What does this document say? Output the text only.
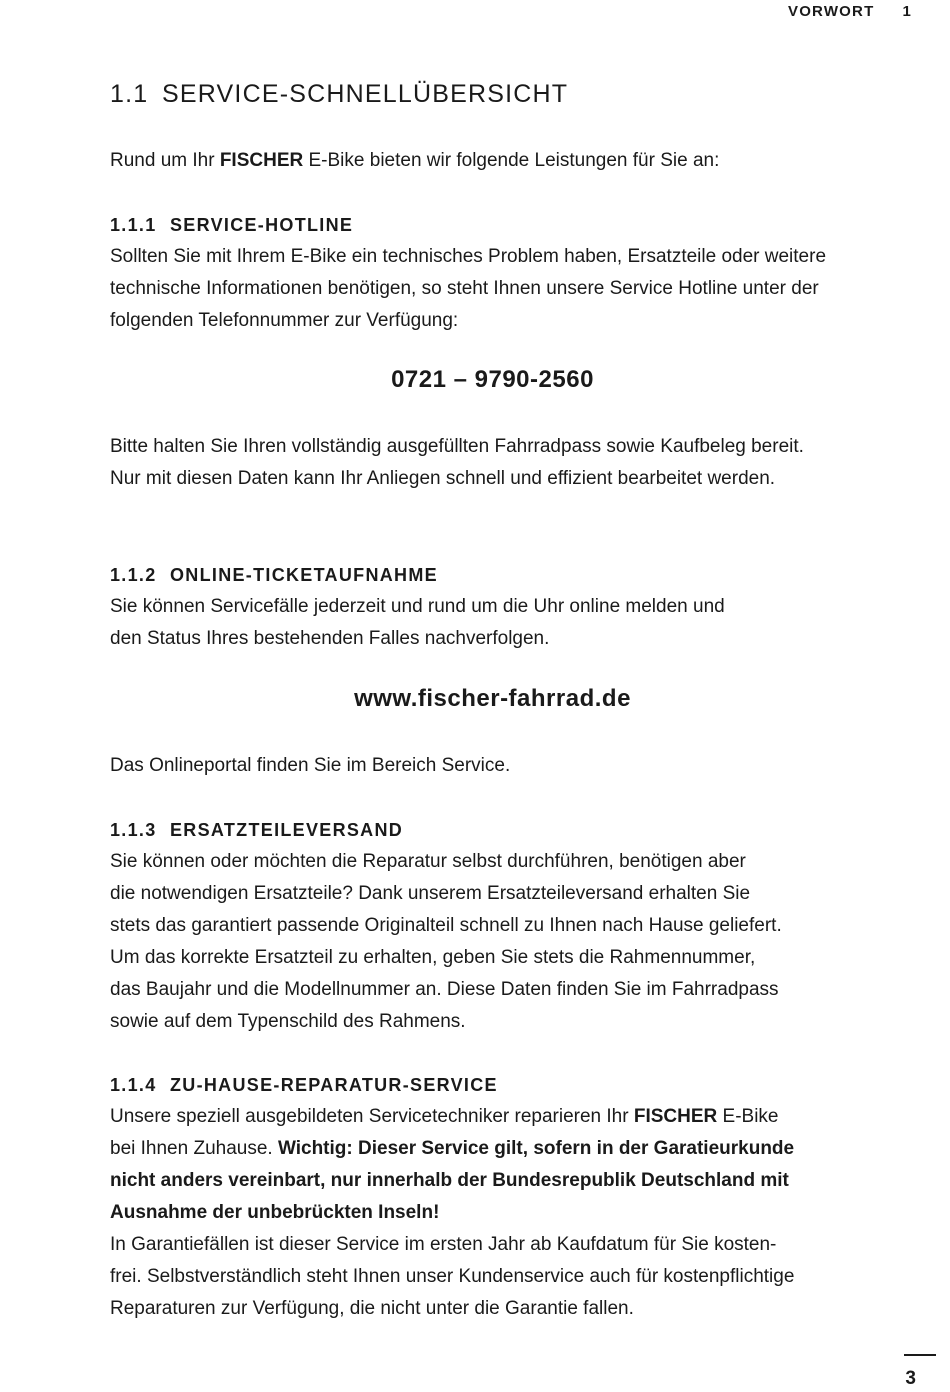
VORWORT 1
1.1 SERVICE-SCHNELLÜBERSICHT

Rund um Ihr FISCHER E-Bike bieten wir folgende Leistungen für Sie an:

1.1.1 SERVICE-HOTLINE

Sollten Sie mit Ihrem E-Bike ein technisches Problem haben, Ersatzteile oder weitere

technische Informationen benötigen, so steht Ihnen unsere Service Hotline unter der

folgenden Telefonnummer zur Verfügung:

0721 – 9790-2560

Bitte halten Sie Ihren vollständig ausgefüllten Fahrradpass sowie Kaufbeleg bereit.

Nur mit diesen Daten kann Ihr Anliegen schnell und effizient bearbeitet werden.

1.1.2 ONLINE-TICKETAUFNAHME

Sie können Servicefälle jederzeit und rund um die Uhr online melden und

den Status Ihres bestehenden Falles nachverfolgen.

www.fischer-fahrrad.de

Das Onlineportal finden Sie im Bereich Service.

1.1.3 ERSATZTEILEVERSAND

Sie können oder möchten die Reparatur selbst durchführen, benötigen aber

die notwendigen Ersatzteile? Dank unserem Ersatzteileversand erhalten Sie

stets das garantiert passende Originalteil schnell zu Ihnen nach Hause geliefert.

Um das korrekte Ersatzteil zu erhalten, geben Sie stets die Rahmennummer,

das Baujahr und die Modellnummer an. Diese Daten finden Sie im Fahrradpass

sowie auf dem Typenschild des Rahmens.

1.1.4 ZU-HAUSE-REPARATUR-SERVICE

Unsere speziell ausgebildeten Servicetechniker reparieren Ihr FISCHER E-Bike

bei Ihnen Zuhause. Wichtig: Dieser Service gilt, sofern in der Garatieurkunde

nicht anders vereinbart, nur innerhalb der Bundesrepublik Deutschland mit

Ausnahme der unbebrückten Inseln!

In Garantiefällen ist dieser Service im ersten Jahr ab Kaufdatum für Sie kosten-

frei. Selbstverständlich steht Ihnen unser Kundenservice auch für kostenpflichtige

Reparaturen zur Verfügung, die nicht unter die Garantie fallen.

3
